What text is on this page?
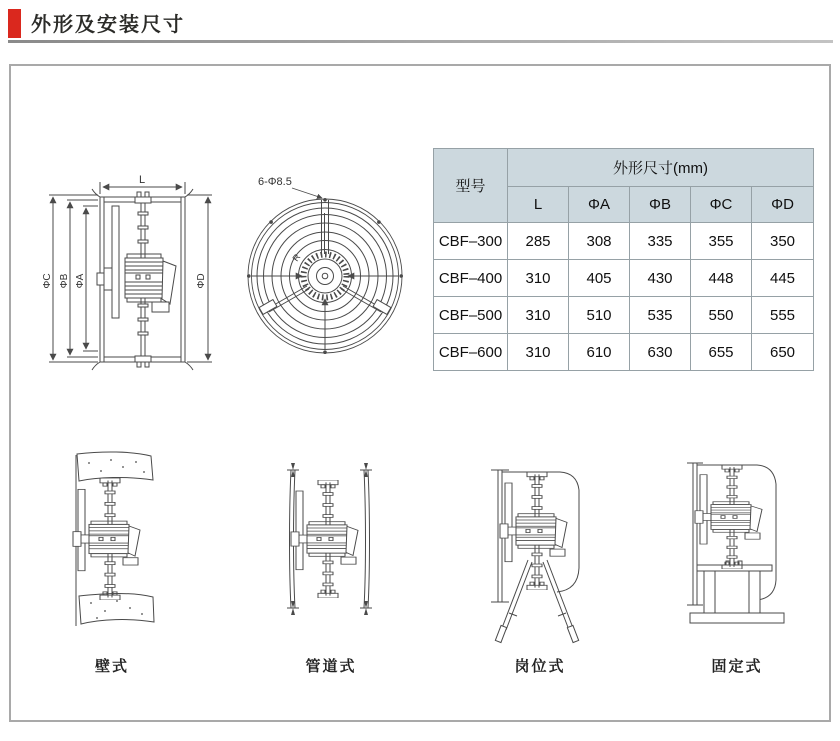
外形及安装尺寸
L
ΦC ΦB ΦA	ΦD
6-Φ8.5
R
型号	外形尺寸(mm)				
	L	ΦA	ΦB	ΦC	ΦD
CBF–300	285	308	335	355	350
CBF–400	310	405	430	448	445
CBF–500	310	510	535	550	555
CBF–600	310	610	630	655	650
壁式	管道式	岗位式	固定式
